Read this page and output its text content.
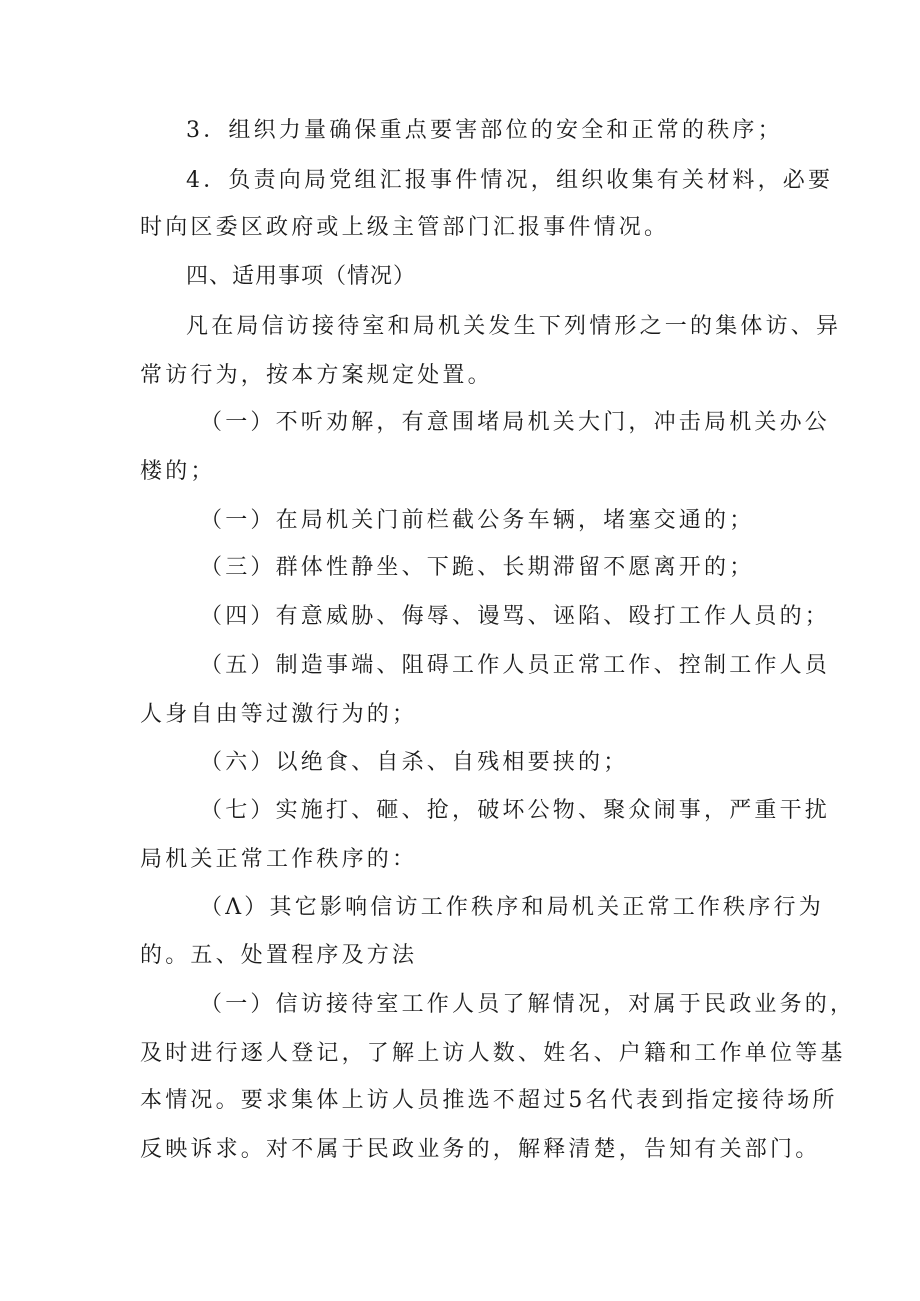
3．组织力量确保重点要害部位的安全和正常的秩序；
4．负责向局党组汇报事件情况，组织收集有关材料，必要
时向区委区政府或上级主管部门汇报事件情况。
四、适用事项（情况）
凡在局信访接待室和局机关发生下列情形之一的集体访、异
常访行为，按本方案规定处置。
（一）不听劝解，有意围堵局机关大门，冲击局机关办公
楼的；
（一）在局机关门前栏截公务车辆，堵塞交通的；
（三）群体性静坐、下跪、长期滞留不愿离开的；
（四）有意威胁、侮辱、谩骂、诬陷、殴打工作人员的；
（五）制造事端、阻碍工作人员正常工作、控制工作人员
人身自由等过激行为的；
（六）以绝食、自杀、自残相要挟的；
（七）实施打、砸、抢，破坏公物、聚众闹事，严重干扰
局机关正常工作秩序的：
（Λ）其它影响信访工作秩序和局机关正常工作秩序行为
的。五、处置程序及方法
（一）信访接待室工作人员了解情况，对属于民政业务的，
及时进行逐人登记，了解上访人数、姓名、户籍和工作单位等基
本情况。要求集体上访人员推选不超过5名代表到指定接待场所
反映诉求。对不属于民政业务的，解释清楚，告知有关部门。
